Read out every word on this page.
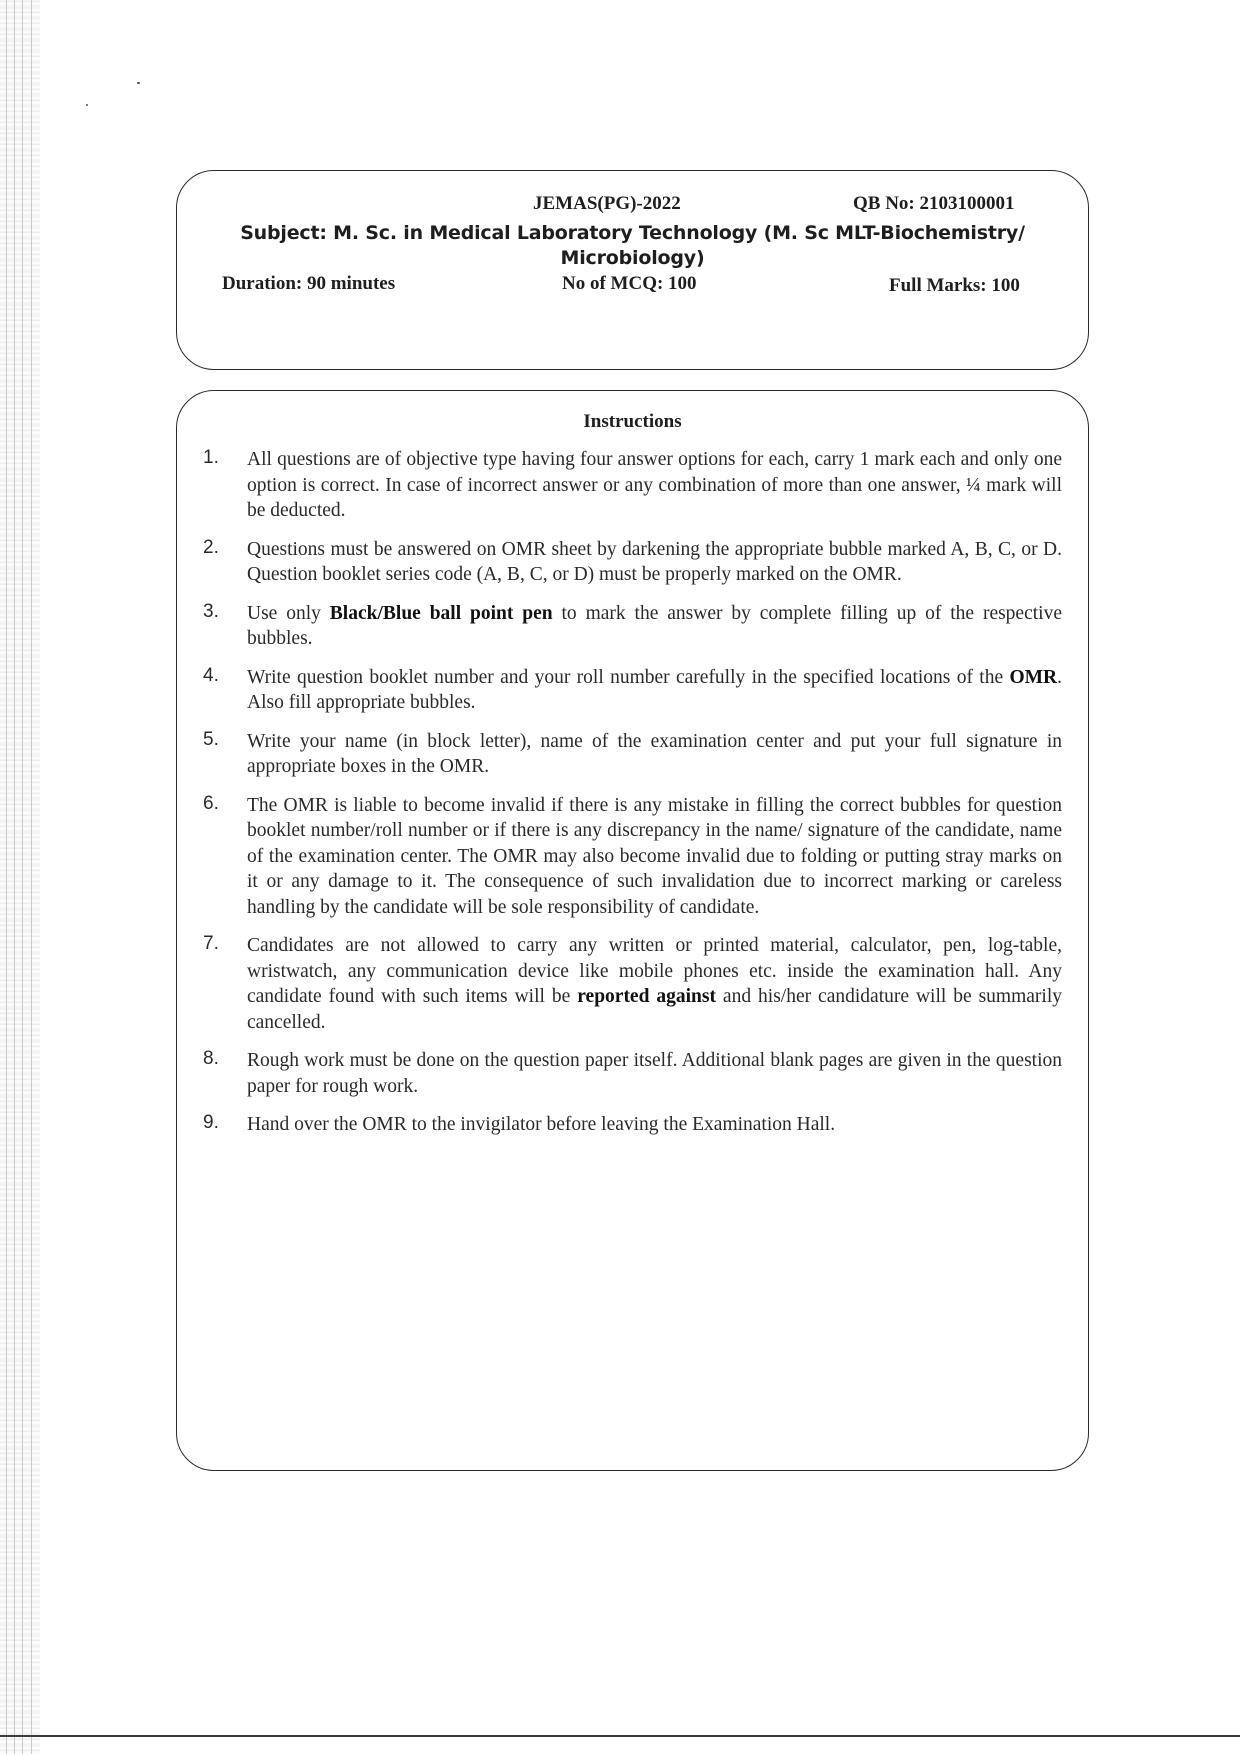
JEMAS(PG)-2022	QB No: 2103100001
Subject: M. Sc. in Medical Laboratory Technology (M. Sc MLT-Biochemistry/ Microbiology)
Duration: 90 minutes	No of MCQ: 100	Full Marks: 100
Instructions
1. All questions are of objective type having four answer options for each, carry 1 mark each and only one option is correct. In case of incorrect answer or any combination of more than one answer, ¼ mark will be deducted.
2. Questions must be answered on OMR sheet by darkening the appropriate bubble marked A, B, C, or D. Question booklet series code (A, B, C, or D) must be properly marked on the OMR.
3. Use only Black/Blue ball point pen to mark the answer by complete filling up of the respective bubbles.
4. Write question booklet number and your roll number carefully in the specified locations of the OMR. Also fill appropriate bubbles.
5. Write your name (in block letter), name of the examination center and put your full signature in appropriate boxes in the OMR.
6. The OMR is liable to become invalid if there is any mistake in filling the correct bubbles for question booklet number/roll number or if there is any discrepancy in the name/ signature of the candidate, name of the examination center. The OMR may also become invalid due to folding or putting stray marks on it or any damage to it. The consequence of such invalidation due to incorrect marking or careless handling by the candidate will be sole responsibility of candidate.
7. Candidates are not allowed to carry any written or printed material, calculator, pen, log-table, wristwatch, any communication device like mobile phones etc. inside the examination hall. Any candidate found with such items will be reported against and his/her candidature will be summarily cancelled.
8. Rough work must be done on the question paper itself. Additional blank pages are given in the question paper for rough work.
9. Hand over the OMR to the invigilator before leaving the Examination Hall.
